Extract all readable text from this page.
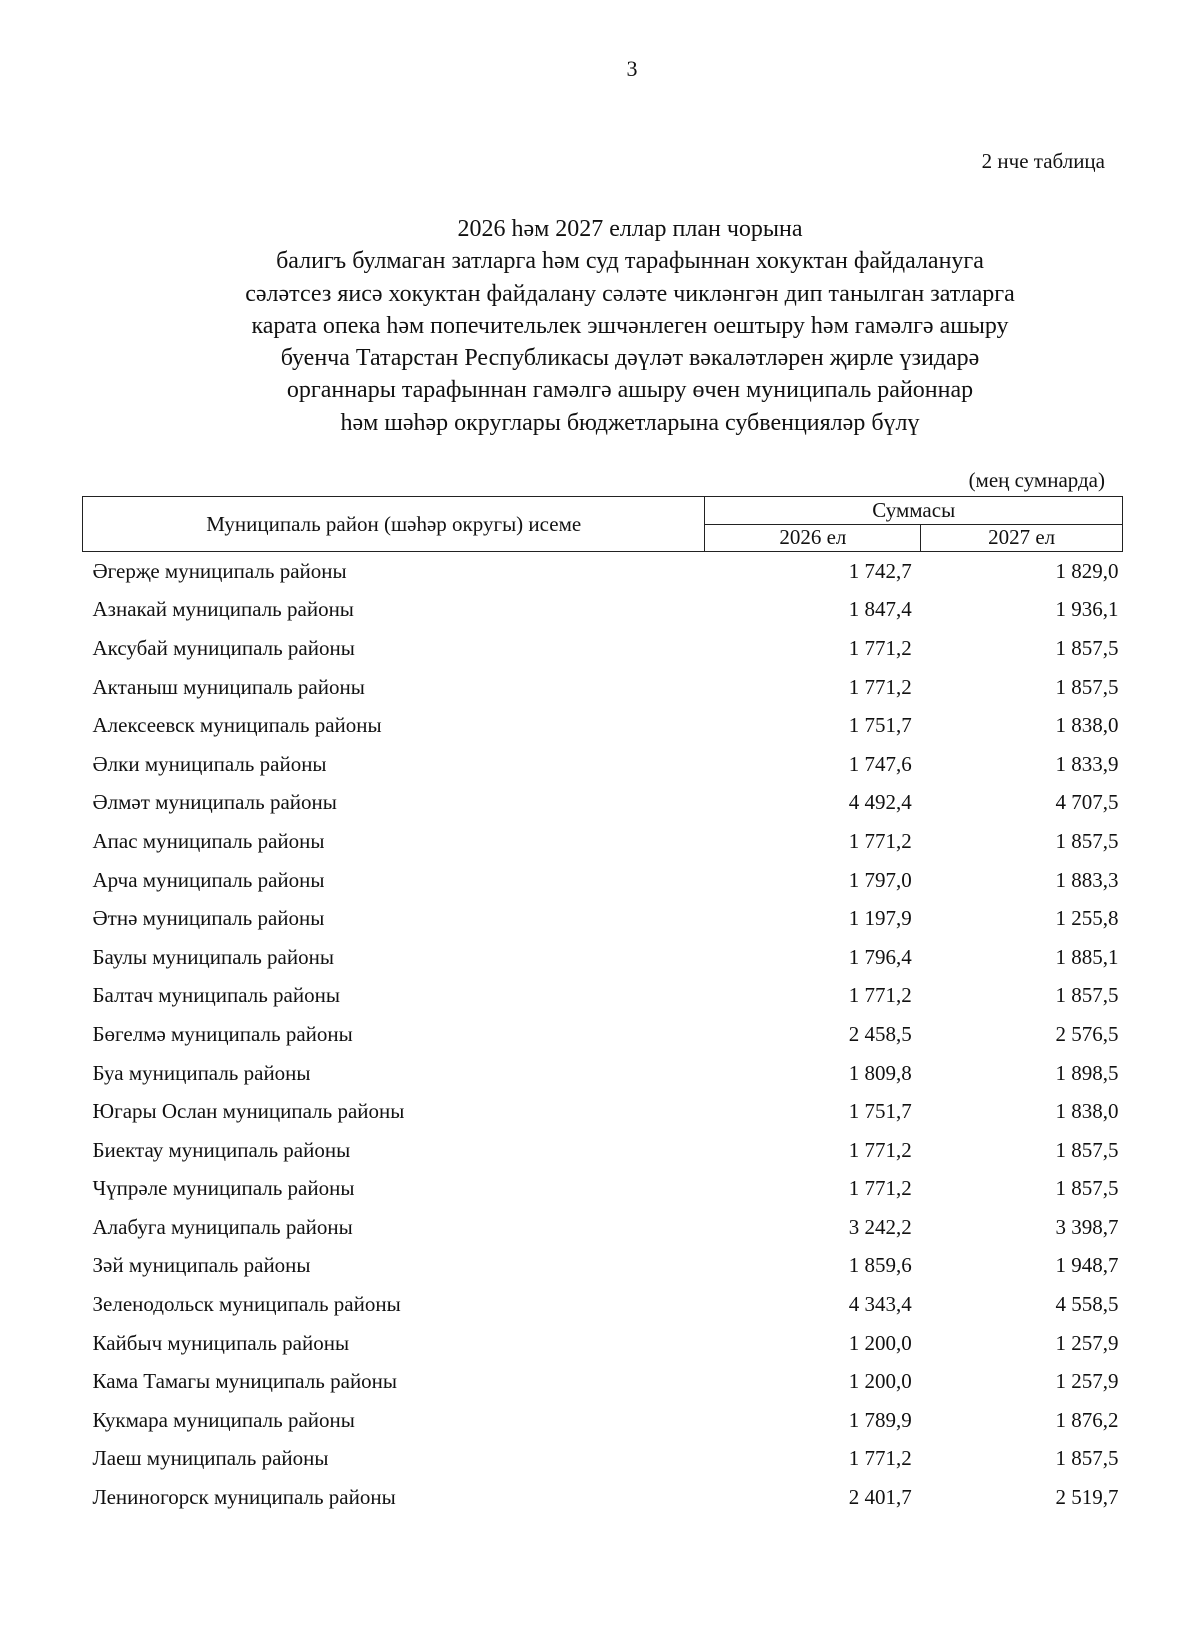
3
2 нче таблица
2026 һәм 2027 еллар план чорына
балигъ булмаган затларга һәм суд тарафыннан хокуктан файдалануга
сәләтсез яисә хокуктан файдалану сәләте чикләнгән дип танылган затларга
карата опека һәм попечительлек эшчәнлеген оештыру һәм гамәлгә ашыру
буенча Татарстан Республикасы дәүләт вәкаләтләрен җирле үзидарә
органнары тарафыннан гамәлгә ашыру өчен муниципаль районнар
һәм шәһәр округлары бюджетларына субвенцияләр бүлү
(мең сумнарда)
Муниципаль район (шәһәр округы) исеме	Суммасы	
	2026 ел	2027 ел
Әгерҗе муниципаль районы	1 742,7	1 829,0
Азнакай муниципаль районы	1 847,4	1 936,1
Аксубай муниципаль районы	1 771,2	1 857,5
Актаныш муниципаль районы	1 771,2	1 857,5
Алексеевск муниципаль районы	1 751,7	1 838,0
Әлки муниципаль районы	1 747,6	1 833,9
Әлмәт муниципаль районы	4 492,4	4 707,5
Апас муниципаль районы	1 771,2	1 857,5
Арча муниципаль районы	1 797,0	1 883,3
Әтнә муниципаль районы	1 197,9	1 255,8
Баулы муниципаль районы	1 796,4	1 885,1
Балтач муниципаль районы	1 771,2	1 857,5
Бөгелмә муниципаль районы	2 458,5	2 576,5
Буа муниципаль районы	1 809,8	1 898,5
Югары Ослан муниципаль районы	1 751,7	1 838,0
Биектау муниципаль районы	1 771,2	1 857,5
Чүпрәле муниципаль районы	1 771,2	1 857,5
Алабуга муниципаль районы	3 242,2	3 398,7
Зәй муниципаль районы	1 859,6	1 948,7
Зеленодольск муниципаль районы	4 343,4	4 558,5
Кайбыч муниципаль районы	1 200,0	1 257,9
Кама Тамагы муниципаль районы	1 200,0	1 257,9
Кукмара муниципаль районы	1 789,9	1 876,2
Лаеш муниципаль районы	1 771,2	1 857,5
Лениногорск муниципаль районы	2 401,7	2 519,7
